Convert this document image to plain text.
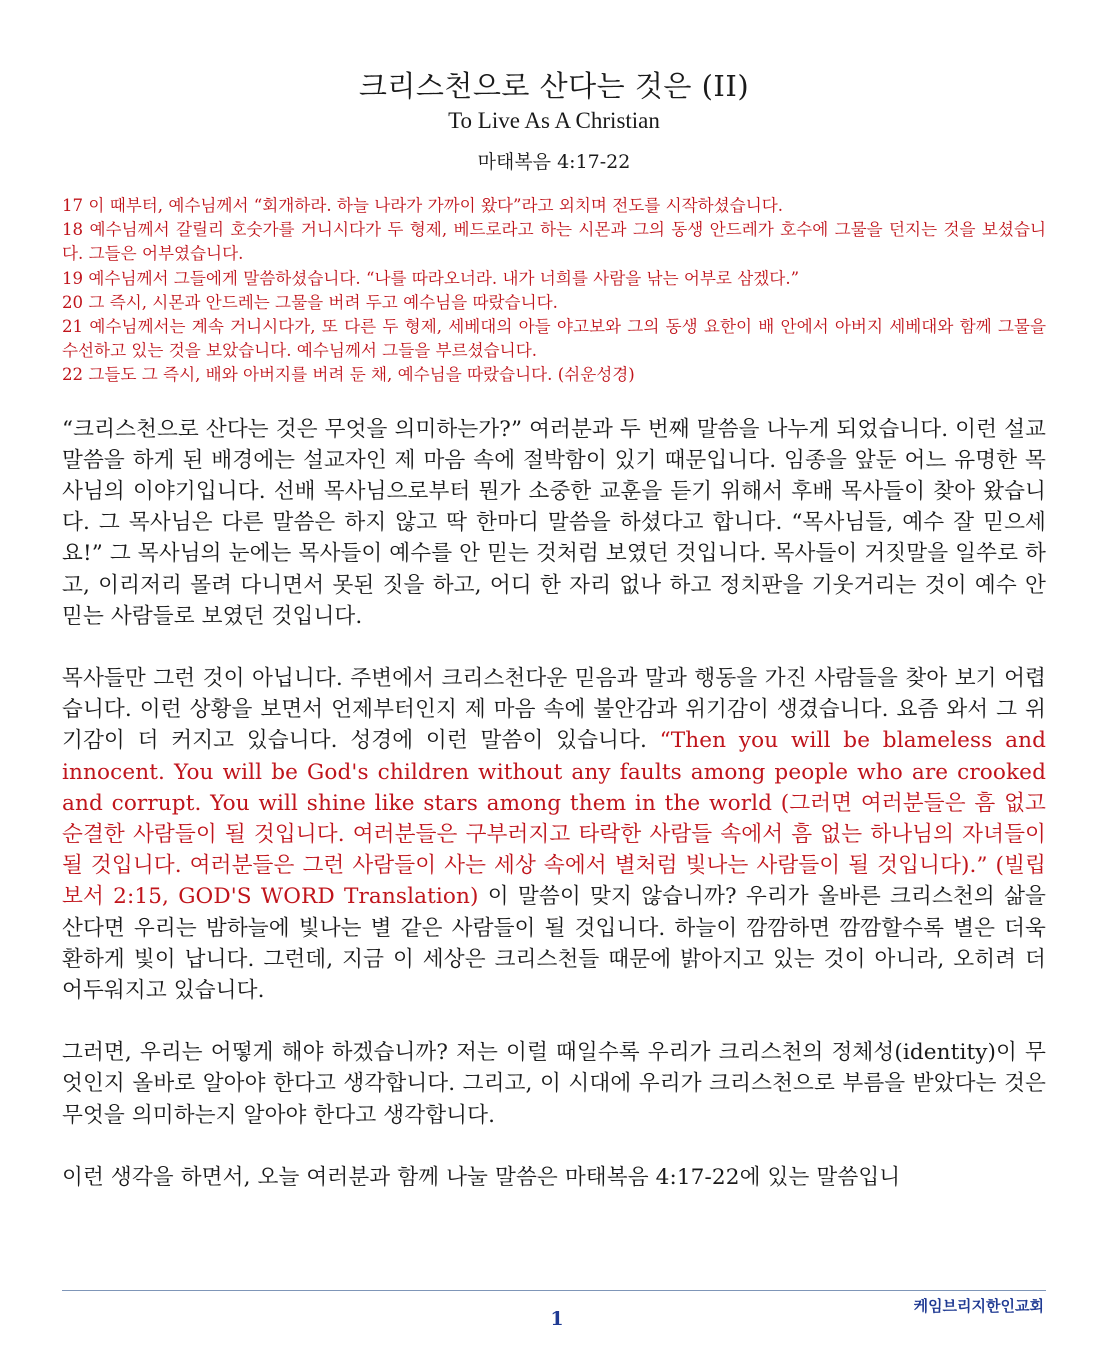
크리스천으로 산다는 것은 (II)
To Live As A Christian
마태복음 4:17-22

17 이 때부터, 예수님께서 “회개하라. 하늘 나라가 가까이 왔다”라고 외치며 전도를 시작하셨습니다.

18 예수님께서 갈릴리 호숫가를 거니시다가 두 형제, 베드로라고 하는 시몬과 그의 동생 안드레가 호수에 그물을 던지는 것을 보셨습니다. 그들은 어부였습니다.

19 예수님께서 그들에게 말씀하셨습니다. “나를 따라오너라. 내가 너희를 사람을 낚는 어부로 삼겠다.”

20 그 즉시, 시몬과 안드레는 그물을 버려 두고 예수님을 따랐습니다.

21 예수님께서는 계속 거니시다가, 또 다른 두 형제, 세베대의 아들 야고보와 그의 동생 요한이 배 안에서 아버지 세베대와 함께 그물을 수선하고 있는 것을 보았습니다. 예수님께서 그들을 부르셨습니다.

22 그들도 그 즉시, 배와 아버지를 버려 둔 채, 예수님을 따랐습니다. (쉬운성경)

“크리스천으로 산다는 것은 무엇을 의미하는가?” 여러분과 두 번째 말씀을 나누게 되었습니다. 이런 설교 말씀을 하게 된 배경에는 설교자인 제 마음 속에 절박함이 있기 때문입니다. 임종을 앞둔 어느 유명한 목사님의 이야기입니다. 선배 목사님으로부터 뭔가 소중한 교훈을 듣기 위해서 후배 목사들이 찾아 왔습니다. 그 목사님은 다른 말씀은 하지 않고 딱 한마디 말씀을 하셨다고 합니다. “목사님들, 예수 잘 믿으세요!” 그 목사님의 눈에는 목사들이 예수를 안 믿는 것처럼 보였던 것입니다. 목사들이 거짓말을 일쑤로 하고, 이리저리 몰려 다니면서 못된 짓을 하고, 어디 한 자리 없나 하고 정치판을 기웃거리는 것이 예수 안 믿는 사람들로 보였던 것입니다.

목사들만 그런 것이 아닙니다. 주변에서 크리스천다운 믿음과 말과 행동을 가진 사람들을 찾아 보기 어렵습니다. 이런 상황을 보면서 언제부터인지 제 마음 속에 불안감과 위기감이 생겼습니다. 요즘 와서 그 위기감이 더 커지고 있습니다. 성경에 이런 말씀이 있습니다. “Then you will be blameless and innocent. You will be God's children without any faults among people who are crooked and corrupt. You will shine like stars among them in the world (그러면 여러분들은 흠 없고 순결한 사람들이 될 것입니다. 여러분들은 구부러지고 타락한 사람들 속에서 흠 없는 하나님의 자녀들이 될 것입니다. 여러분들은 그런 사람들이 사는 세상 속에서 별처럼 빛나는 사람들이 될 것입니다).” (빌립보서 2:15, GOD'S WORD Translation) 이 말씀이 맞지 않습니까? 우리가 올바른 크리스천의 삶을 산다면 우리는 밤하늘에 빛나는 별 같은 사람들이 될 것입니다. 하늘이 깜깜하면 깜깜할수록 별은 더욱 환하게 빛이 납니다. 그런데, 지금 이 세상은 크리스천들 때문에 밝아지고 있는 것이 아니라, 오히려 더 어두워지고 있습니다.

그러면, 우리는 어떻게 해야 하겠습니까? 저는 이럴 때일수록 우리가 크리스천의 정체성(identity)이 무엇인지 올바로 알아야 한다고 생각합니다. 그리고, 이 시대에 우리가 크리스천으로 부름을 받았다는 것은 무엇을 의미하는지 알아야 한다고 생각합니다.

이런 생각을 하면서, 오늘 여러분과 함께 나눌 말씀은 마태복음 4:17-22에 있는 말씀입니

케임브리지한인교회
1
